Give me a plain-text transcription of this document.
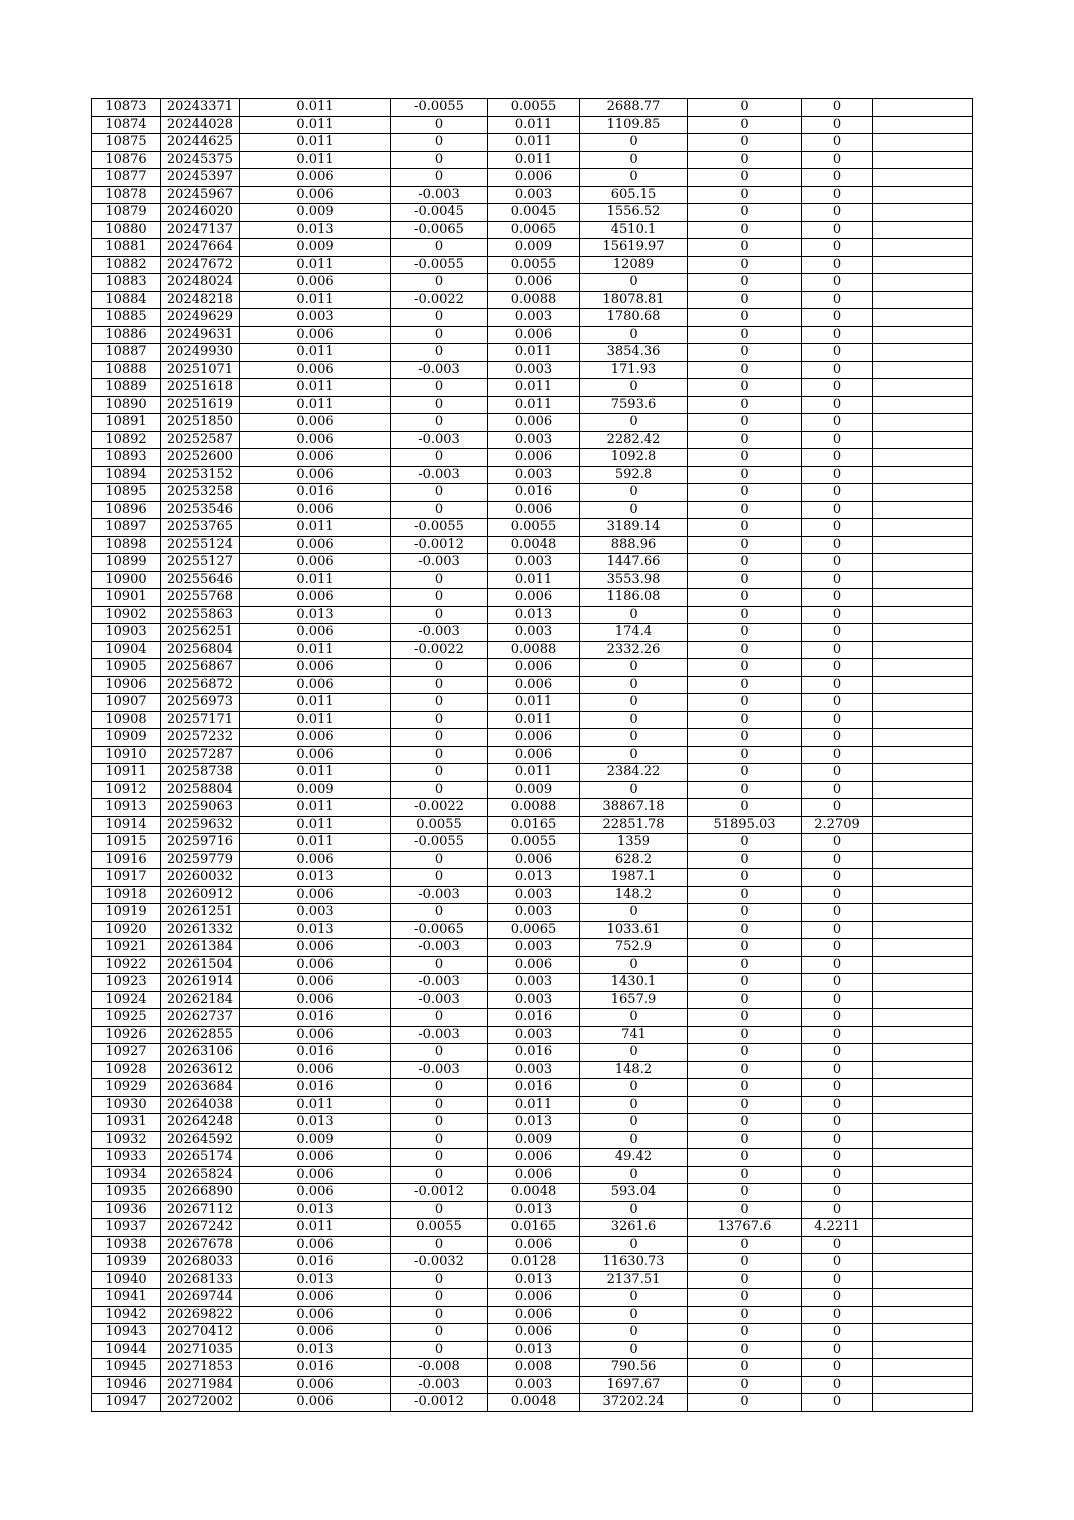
10873	20243371	0.011	-0.0055	0.0055	2688.77	0	0	
10874	20244028	0.011	0	0.011	1109.85	0	0	
10875	20244625	0.011	0	0.011	0	0	0	
10876	20245375	0.011	0	0.011	0	0	0	
10877	20245397	0.006	0	0.006	0	0	0	
10878	20245967	0.006	-0.003	0.003	605.15	0	0	
10879	20246020	0.009	-0.0045	0.0045	1556.52	0	0	
10880	20247137	0.013	-0.0065	0.0065	4510.1	0	0	
10881	20247664	0.009	0	0.009	15619.97	0	0	
10882	20247672	0.011	-0.0055	0.0055	12089	0	0	
10883	20248024	0.006	0	0.006	0	0	0	
10884	20248218	0.011	-0.0022	0.0088	18078.81	0	0	
10885	20249629	0.003	0	0.003	1780.68	0	0	
10886	20249631	0.006	0	0.006	0	0	0	
10887	20249930	0.011	0	0.011	3854.36	0	0	
10888	20251071	0.006	-0.003	0.003	171.93	0	0	
10889	20251618	0.011	0	0.011	0	0	0	
10890	20251619	0.011	0	0.011	7593.6	0	0	
10891	20251850	0.006	0	0.006	0	0	0	
10892	20252587	0.006	-0.003	0.003	2282.42	0	0	
10893	20252600	0.006	0	0.006	1092.8	0	0	
10894	20253152	0.006	-0.003	0.003	592.8	0	0	
10895	20253258	0.016	0	0.016	0	0	0	
10896	20253546	0.006	0	0.006	0	0	0	
10897	20253765	0.011	-0.0055	0.0055	3189.14	0	0	
10898	20255124	0.006	-0.0012	0.0048	888.96	0	0	
10899	20255127	0.006	-0.003	0.003	1447.66	0	0	
10900	20255646	0.011	0	0.011	3553.98	0	0	
10901	20255768	0.006	0	0.006	1186.08	0	0	
10902	20255863	0.013	0	0.013	0	0	0	
10903	20256251	0.006	-0.003	0.003	174.4	0	0	
10904	20256804	0.011	-0.0022	0.0088	2332.26	0	0	
10905	20256867	0.006	0	0.006	0	0	0	
10906	20256872	0.006	0	0.006	0	0	0	
10907	20256973	0.011	0	0.011	0	0	0	
10908	20257171	0.011	0	0.011	0	0	0	
10909	20257232	0.006	0	0.006	0	0	0	
10910	20257287	0.006	0	0.006	0	0	0	
10911	20258738	0.011	0	0.011	2384.22	0	0	
10912	20258804	0.009	0	0.009	0	0	0	
10913	20259063	0.011	-0.0022	0.0088	38867.18	0	0	
10914	20259632	0.011	0.0055	0.0165	22851.78	51895.03	2.2709	
10915	20259716	0.011	-0.0055	0.0055	1359	0	0	
10916	20259779	0.006	0	0.006	628.2	0	0	
10917	20260032	0.013	0	0.013	1987.1	0	0	
10918	20260912	0.006	-0.003	0.003	148.2	0	0	
10919	20261251	0.003	0	0.003	0	0	0	
10920	20261332	0.013	-0.0065	0.0065	1033.61	0	0	
10921	20261384	0.006	-0.003	0.003	752.9	0	0	
10922	20261504	0.006	0	0.006	0	0	0	
10923	20261914	0.006	-0.003	0.003	1430.1	0	0	
10924	20262184	0.006	-0.003	0.003	1657.9	0	0	
10925	20262737	0.016	0	0.016	0	0	0	
10926	20262855	0.006	-0.003	0.003	741	0	0	
10927	20263106	0.016	0	0.016	0	0	0	
10928	20263612	0.006	-0.003	0.003	148.2	0	0	
10929	20263684	0.016	0	0.016	0	0	0	
10930	20264038	0.011	0	0.011	0	0	0	
10931	20264248	0.013	0	0.013	0	0	0	
10932	20264592	0.009	0	0.009	0	0	0	
10933	20265174	0.006	0	0.006	49.42	0	0	
10934	20265824	0.006	0	0.006	0	0	0	
10935	20266890	0.006	-0.0012	0.0048	593.04	0	0	
10936	20267112	0.013	0	0.013	0	0	0	
10937	20267242	0.011	0.0055	0.0165	3261.6	13767.6	4.2211	
10938	20267678	0.006	0	0.006	0	0	0	
10939	20268033	0.016	-0.0032	0.0128	11630.73	0	0	
10940	20268133	0.013	0	0.013	2137.51	0	0	
10941	20269744	0.006	0	0.006	0	0	0	
10942	20269822	0.006	0	0.006	0	0	0	
10943	20270412	0.006	0	0.006	0	0	0	
10944	20271035	0.013	0	0.013	0	0	0	
10945	20271853	0.016	-0.008	0.008	790.56	0	0	
10946	20271984	0.006	-0.003	0.003	1697.67	0	0	
10947	20272002	0.006	-0.0012	0.0048	37202.24	0	0	
